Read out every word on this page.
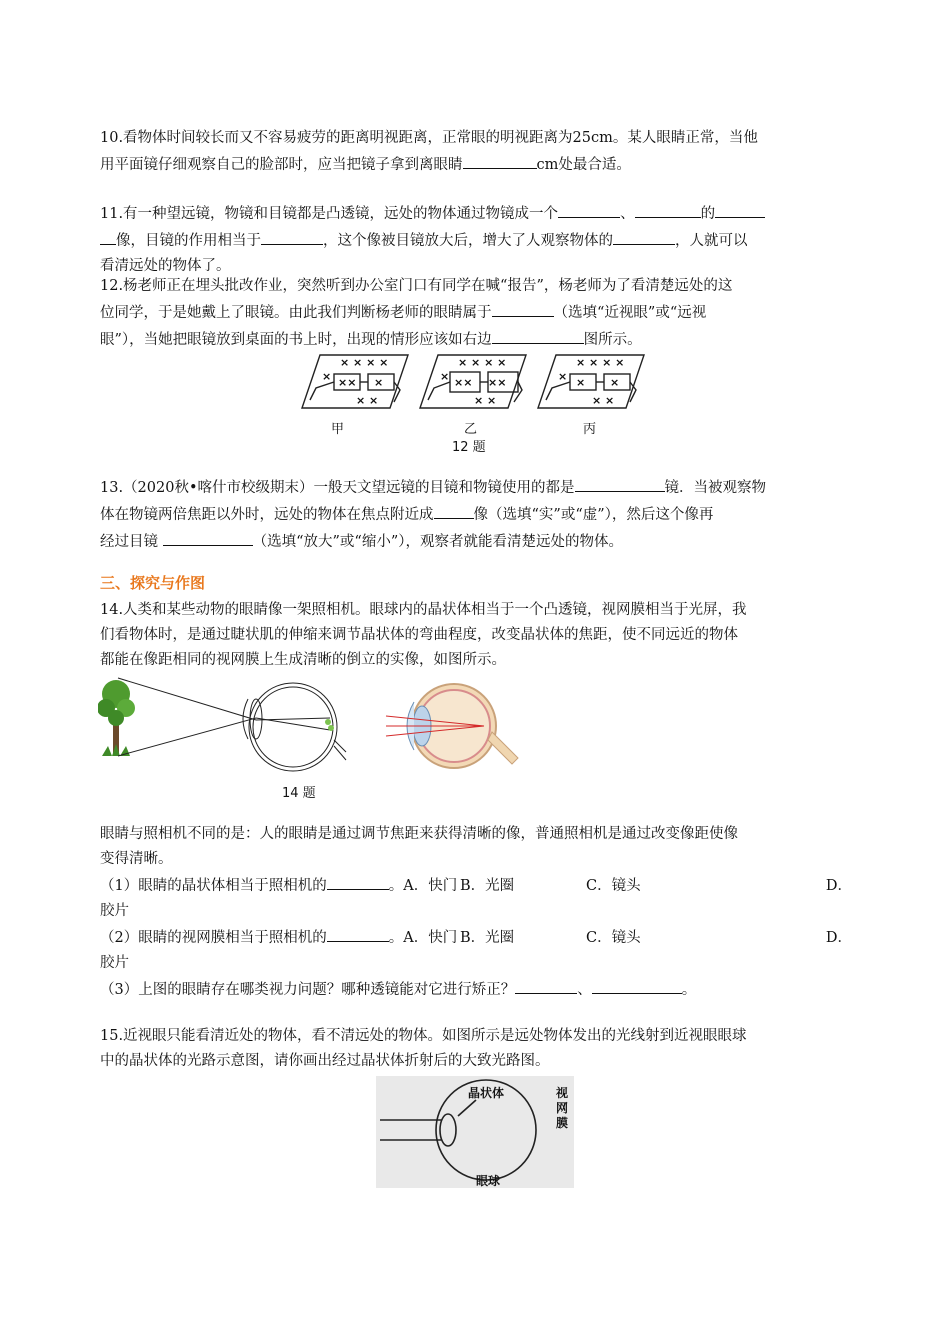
10.看物体时间较长而又不容易疲劳的距离明视距离，正常眼的明视距离为25cm。某人眼睛正常，当他
用平面镜仔细观察自己的脸部时，应当把镜子拿到离眼睛	cm处最合适。
11.有一种望远镜，物镜和目镜都是凸透镜，远处的物体通过物镜成一个	、	的
像，目镜的作用相当于	，这个像被目镜放大后，增大了人观察物体的	，人就可以
看清远处的物体了。
12.杨老师正在埋头批改作业，突然听到办公室门口有同学在喊“报告”，杨老师为了看清楚远处的这
位同学，于是她戴上了眼镜。由此我们判断杨老师的眼睛属于	（选填“近视眼”或“远视
眼”），当她把眼镜放到桌面的书上时，出现的情形应该如右边	图所示。
× × × ×
× ×× ×
× ×
× × × ×
× ×× ××
× ×
× × × ×
× × ×
× ×
甲	乙	丙
12 题
13.（2020秋•喀什市校级期末）一般天文望远镜的目镜和物镜使用的都是	镜．当被观察物
体在物镜两倍焦距以外时，远处的物体在焦点附近成	像（选填“实”或“虚”），然后这个像再
经过目镜	（选填“放大”或“缩小”），观察者就能看清楚远处的物体。
三、探究与作图
14.人类和某些动物的眼睛像一架照相机。眼球内的晶状体相当于一个凸透镜，视网膜相当于光屏，我
们看物体时，是通过睫状肌的伸缩来调节晶状体的弯曲程度，改变晶状体的焦距，使不同远近的物体
都能在像距相同的视网膜上生成清晰的倒立的实像，如图所示。
14 题
眼睛与照相机不同的是：人的眼睛是通过调节焦距来获得清晰的像，普通照相机是通过改变像距使像
变得清晰。
（1）眼睛的晶状体相当于照相机的	。A．快门 B．光圈	C．镜头	D．
胶片
（2）眼睛的视网膜相当于照相机的	。A．快门 B．光圈	C．镜头	D．
胶片
（3）上图的眼睛存在哪类视力问题？哪种透镜能对它进行矫正？	、	。
15.近视眼只能看清近处的物体，看不清远处的物体。如图所示是远处物体发出的光线射到近视眼眼球
中的晶状体的光路示意图，请你画出经过晶状体折射后的大致光路图。
晶状体	视
网
膜
眼球
